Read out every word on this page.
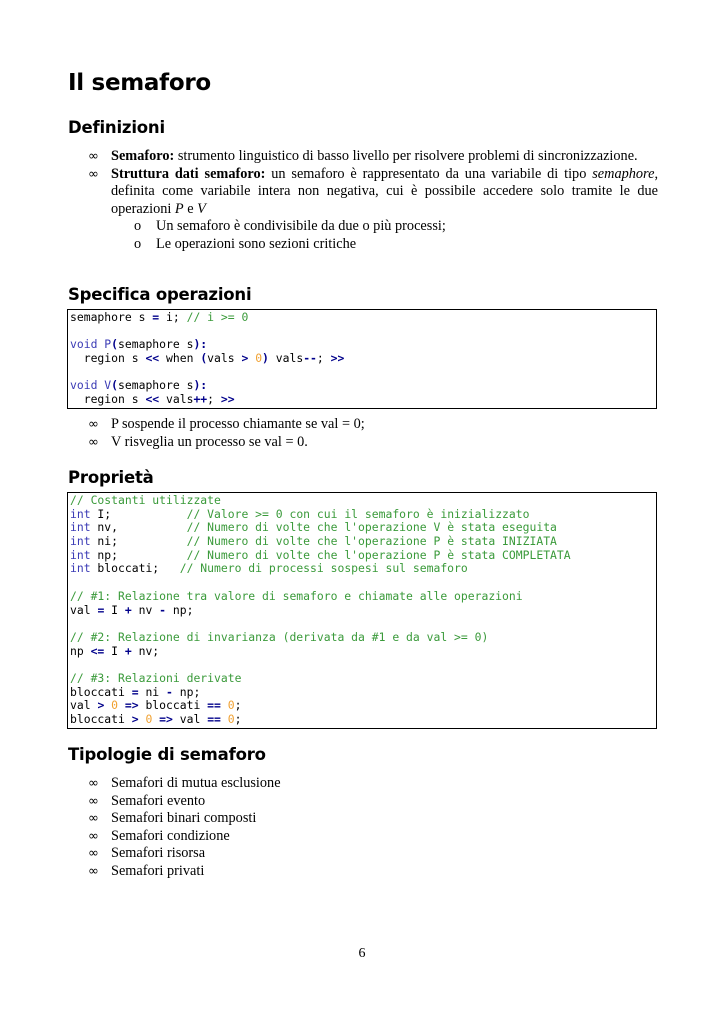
Il semaforo
Definizioni
∞ Semaforo: strumento linguistico di basso livello per risolvere problemi di sincronizzazione.
∞ Struttura dati semaforo: un semaforo è rappresentato da una variabile di tipo semaphore, definita come variabile intera non negativa, cui è possibile accedere solo tramite le due operazioni P e V
o Un semaforo è condivisibile da due o più processi;
o Le operazioni sono sezioni critiche
Specifica operazioni
semaphore s = i; // i >= 0
void P(semaphore s):
region s << when (vals > 0) vals--; >>
void V(semaphore s):
region s << vals++; >>
∞ P sospende il processo chiamante se val = 0;
∞ V risveglia un processo se val = 0.
Proprietà
// Costanti utilizzate
int I;           // Valore >= 0 con cui il semaforo è inizializzato
int nv,          // Numero di volte che l'operazione V è stata eseguita
int ni;          // Numero di volte che l'operazione P è stata INIZIATA
int np;          // Numero di volte che l'operazione P è stata COMPLETATA
int bloccati;   // Numero di processi sospesi sul semaforo
// #1: Relazione tra valore di semaforo e chiamate alle operazioni
val = I + nv - np;
// #2: Relazione di invarianza (derivata da #1 e da val >= 0)
np <= I + nv;
// #3: Relazioni derivate
bloccati = ni - np;
val > 0 => bloccati == 0;
bloccati > 0 => val == 0;
Tipologie di semaforo
∞ Semafori di mutua esclusione
∞ Semafori evento
∞ Semafori binari composti
∞ Semafori condizione
∞ Semafori risorsa
∞ Semafori privati
6
